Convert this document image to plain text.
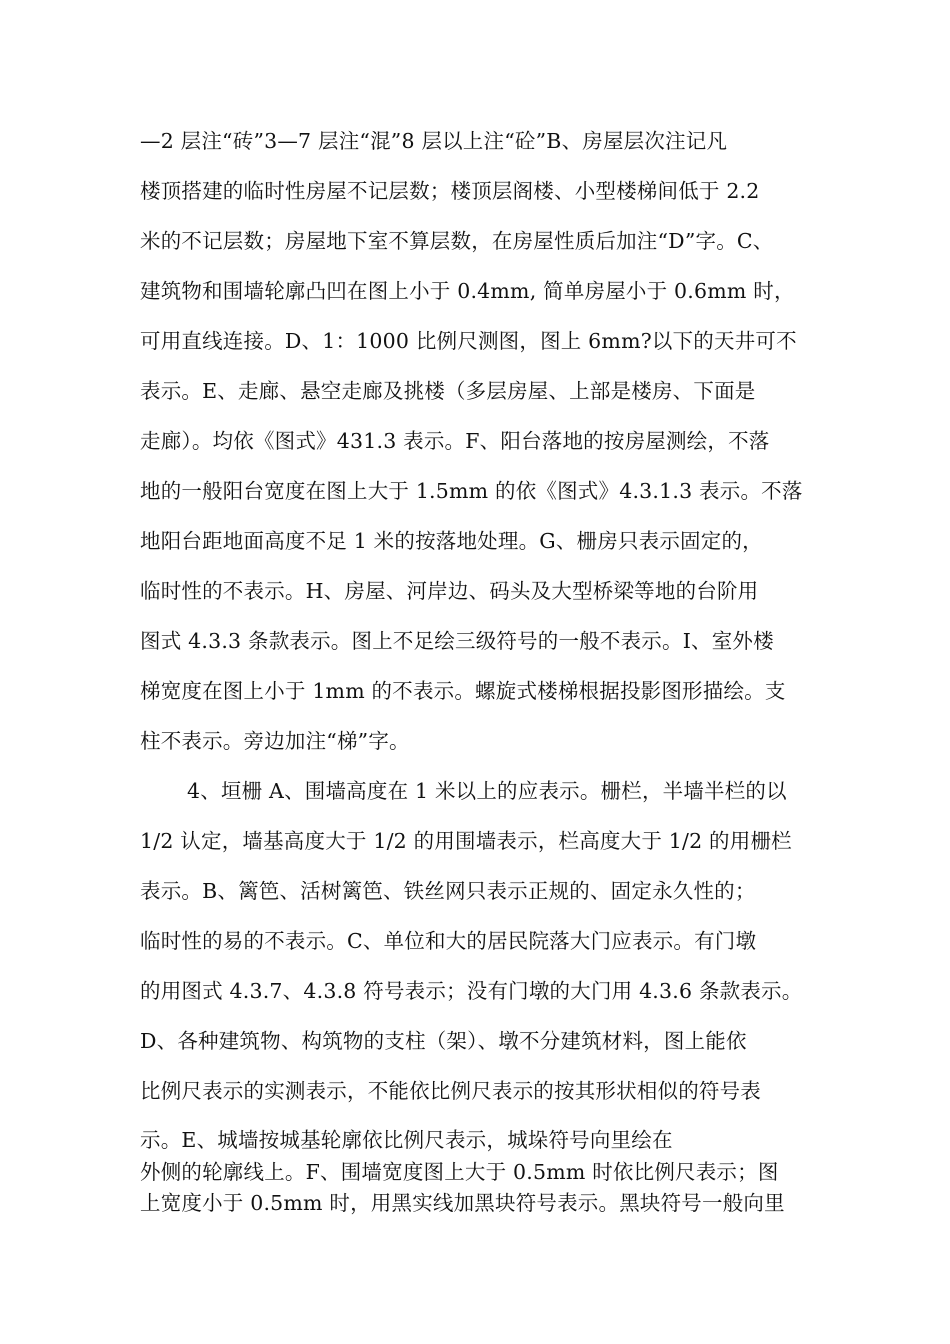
—2 层注“砖”3—7 层注“混”8 层以上注“砼”B、房屋层次注记凡
楼顶搭建的临时性房屋不记层数；楼顶层阁楼、小型楼梯间低于 2.2
米的不记层数；房屋地下室不算层数，在房屋性质后加注“D”字。C、
建筑物和围墙轮廓凸凹在图上小于 0.4mm, 简单房屋小于 0.6mm 时，
可用直线连接。D、1：1000 比例尺测图，图上 6mm?以下的天井可不
表示。E、走廊、悬空走廊及挑楼（多层房屋、上部是楼房、下面是
走廊）。均依《图式》431.3 表示。F、阳台落地的按房屋测绘，不落
地的一般阳台宽度在图上大于 1.5mm 的依《图式》4.3.1.3 表示。不落
地阳台距地面高度不足 1 米的按落地处理。G、栅房只表示固定的，
临时性的不表示。H、房屋、河岸边、码头及大型桥梁等地的台阶用
图式 4.3.3 条款表示。图上不足绘三级符号的一般不表示。I、室外楼
梯宽度在图上小于 1mm 的不表示。螺旋式楼梯根据投影图形描绘。支
柱不表示。旁边加注“梯”字。
4、垣栅 A、围墙高度在 1 米以上的应表示。栅栏，半墙半栏的以
1/2 认定，墙基高度大于 1/2 的用围墙表示，栏高度大于 1/2 的用栅栏
表示。B、篱笆、活树篱笆、铁丝网只表示正规的、固定永久性的；
临时性的易的不表示。C、单位和大的居民院落大门应表示。有门墩
的用图式 4.3.7、4.3.8 符号表示；没有门墩的大门用 4.3.6 条款表示。
D、各种建筑物、构筑物的支柱（架）、墩不分建筑材料，图上能依
比例尺表示的实测表示，不能依比例尺表示的按其形状相似的符号表
示。E、城墙按城基轮廓依比例尺表示，城垛符号向里绘在
外侧的轮廓线上。F、围墙宽度图上大于 0.5mm 时依比例尺表示；图
上宽度小于 0.5mm 时，用黑实线加黑块符号表示。黑块符号一般向里
